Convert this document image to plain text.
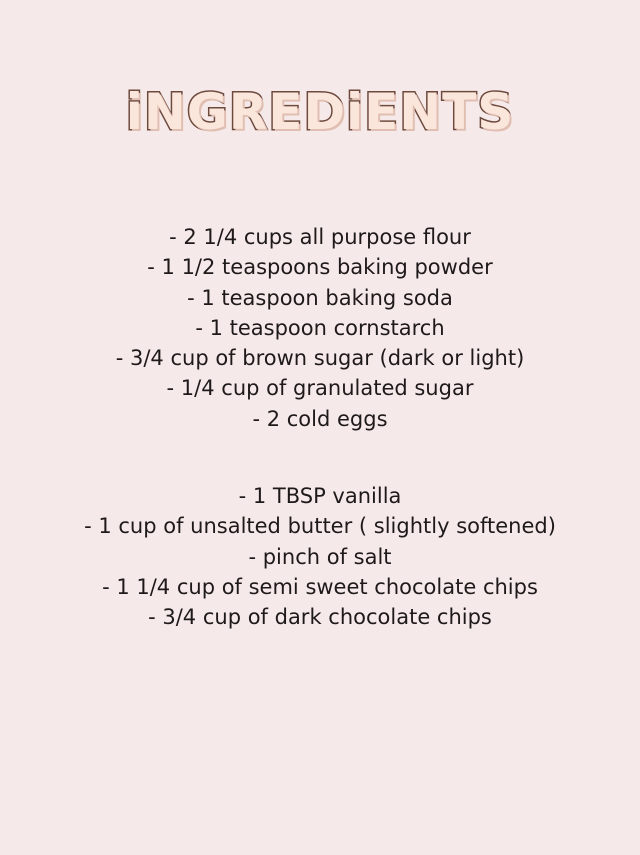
iNGREDiENTS
- 2 1/4 cups all purpose flour
- 1 1/2 teaspoons baking powder
- 1 teaspoon baking soda
- 1 teaspoon cornstarch
- 3/4 cup of brown sugar (dark or light)
- 1/4 cup of granulated sugar
- 2 cold eggs
- 1 TBSP vanilla
- 1 cup of unsalted butter ( slightly softened)
- pinch of salt
- 1 1/4 cup of semi sweet chocolate chips
- 3/4 cup of dark chocolate chips
